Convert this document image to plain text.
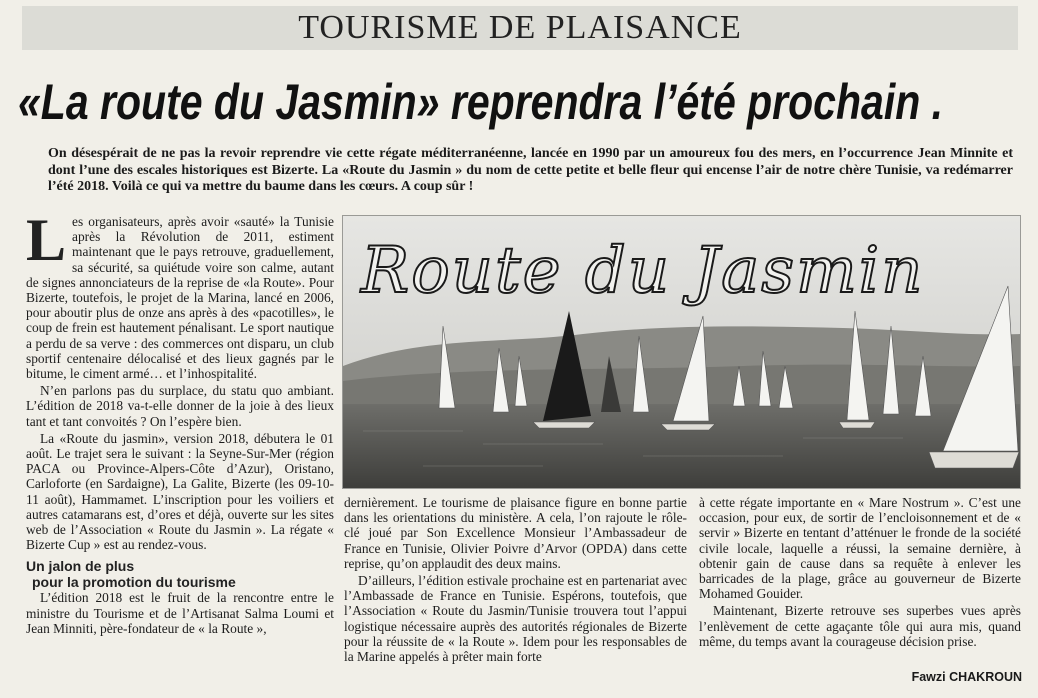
TOURISME DE PLAISANCE
«La route du Jasmin» reprendra l’été prochain .
On désespérait de ne pas la revoir reprendre vie cette régate méditerranéenne, lancée en 1990 par un amoureux fou des mers, en l’occurrence Jean Minnite et dont l’une des escales historiques est Bizerte. La «Route du Jasmin » du nom de cette petite et belle fleur qui encense l’air de notre chère Tunisie, va redémarrer l’été 2018. Voilà ce qui va mettre du baume dans les cœurs. A coup sûr !

Les organisateurs, après avoir «sauté» la Tunisie après la Révolution de 2011, estiment maintenant que le pays retrouve, graduellement, sa sécurité, sa quiétude voire son calme, autant de signes annonciateurs de la reprise de «la Route». Pour Bizerte, toutefois, le projet de la Marina, lancé en 2006, pour aboutir plus de onze ans après à des «pacotilles», le coup de frein est hautement pénalisant. Le sport nautique a perdu de sa verve : des commerces ont disparu, un club sportif centenaire délocalisé et des lieux gagnés par le bitume, le ciment armé… et l’inhospitalité.

N’en parlons pas du surplace, du statu quo ambiant. L’édition de 2018 va-t-elle donner de la joie à des lieux tant et tant convoités ? On l’espère bien.

La «Route du jasmin», version 2018, débutera le 01 août. Le trajet sera le suivant : la Seyne-Sur-Mer (région PACA ou Province-Alpers-Côte d’Azur), Oristano, Carloforte (en Sardaigne), La Galite, Bizerte (les 09-10-11 août), Hammamet. L’inscription pour les voiliers et autres catamarans est, d’ores et déjà, ouverte sur les sites web de l’Association « Route du Jasmin ». La régate « Bizerte Cup » est au rendez-vous.

Un jalon de plus
pour la promotion du tourisme

L’édition 2018 est le fruit de la rencontre entre le ministre du Tourisme et de l’Artisanat Salma Loumi et Jean Minniti, père-fondateur de « la Route »,

Route du Jasmin

dernièrement. Le tourisme de plaisance figure en bonne partie dans les orientations du ministère. A cela, l’on rajoute le rôle-clé joué par Son Excellence Monsieur l’Ambassadeur de France en Tunisie, Olivier Poivre d’Arvor (OPDA) dans cette reprise, qu’on applaudit des deux mains.

D’ailleurs, l’édition estivale prochaine est en partenariat avec l’Ambassade de France en Tunisie. Espérons, toutefois, que l’Association « Route du Jasmin/Tunisie trouvera tout l’appui logistique nécessaire auprès des autorités régionales de Bizerte pour la réussite de « la Route ». Idem pour les responsables de la Marine appelés à prêter main forte

à cette régate importante en « Mare Nostrum ». C’est une occasion, pour eux, de sortir de l’encloisonnement et de « servir » Bizerte en tentant d’atténuer le fronde de la société civile locale, laquelle a réussi, la semaine dernière, à obtenir gain de cause dans sa requête à enlever les barricades de la plage, grâce au gouverneur de Bizerte Mohamed Gouider.

Maintenant, Bizerte retrouve ses superbes vues après l’enlèvement de cette agaçante tôle qui aura mis, quand même, du temps avant la courageuse décision prise.

Fawzi CHAKROUN
